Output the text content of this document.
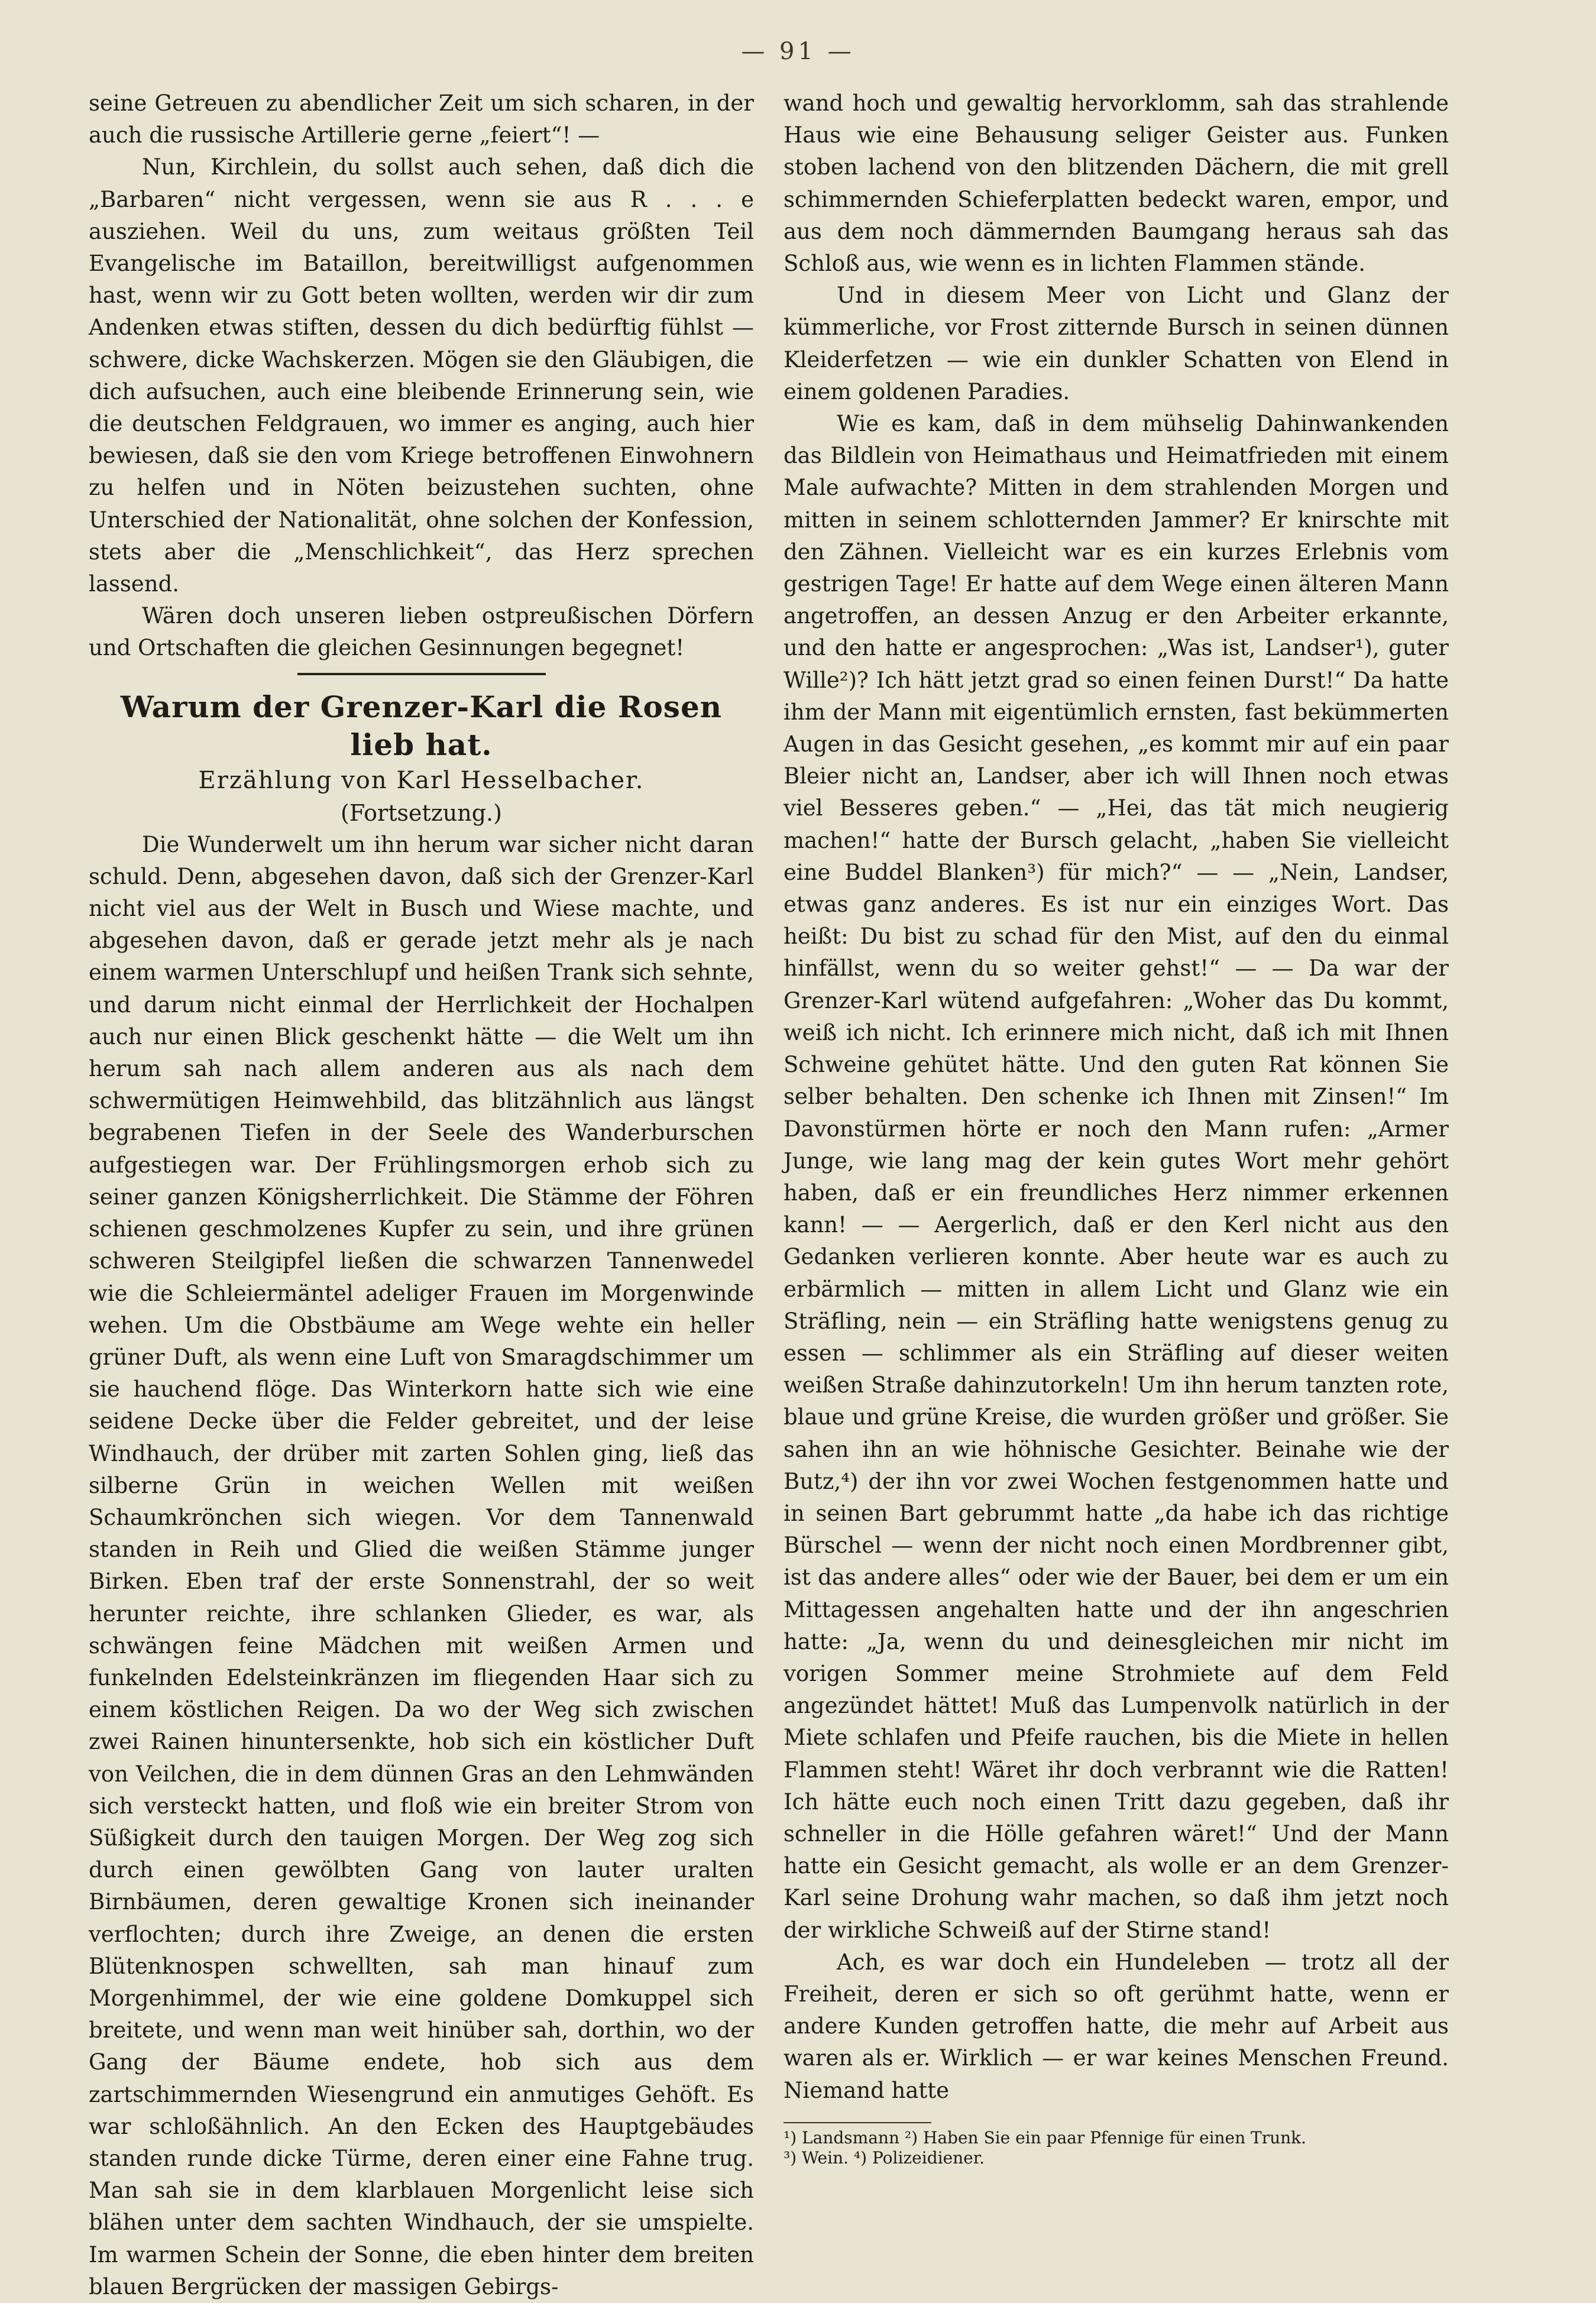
— 91 —

seine Getreuen zu abendlicher Zeit um sich scharen, in der auch die russische Artillerie gerne „feiert“! —

Nun, Kirchlein, du sollst auch sehen, daß dich die „Barbaren“ nicht vergessen, wenn sie aus R . . . e ausziehen. Weil du uns, zum weitaus größten Teil Evangelische im Bataillon, bereitwilligst aufgenommen hast, wenn wir zu Gott beten wollten, werden wir dir zum Andenken etwas stiften, dessen du dich bedürftig fühlst — schwere, dicke Wachskerzen. Mögen sie den Gläubigen, die dich aufsuchen, auch eine bleibende Erinnerung sein, wie die deutschen Feldgrauen, wo immer es anging, auch hier bewiesen, daß sie den vom Kriege betroffenen Einwohnern zu helfen und in Nöten beizustehen suchten, ohne Unterschied der Nationalität, ohne solchen der Konfession, stets aber die „Menschlichkeit“, das Herz sprechen lassend.

Wären doch unseren lieben ostpreußischen Dörfern und Ortschaften die gleichen Gesinnungen begegnet!

Warum der Grenzer-Karl die Rosen lieb hat.

Erzählung von Karl Hesselbacher.

(Fortsetzung.)

Die Wunderwelt um ihn herum war sicher nicht daran schuld. Denn, abgesehen davon, daß sich der Grenzer-Karl nicht viel aus der Welt in Busch und Wiese machte, und abgesehen davon, daß er gerade jetzt mehr als je nach einem warmen Unterschlupf und heißen Trank sich sehnte, und darum nicht einmal der Herrlichkeit der Hochalpen auch nur einen Blick geschenkt hätte — die Welt um ihn herum sah nach allem anderen aus als nach dem schwermütigen Heimwehbild, das blitzähnlich aus längst begrabenen Tiefen in der Seele des Wanderburschen aufgestiegen war. Der Frühlingsmorgen erhob sich zu seiner ganzen Königsherrlichkeit. Die Stämme der Föhren schienen geschmolzenes Kupfer zu sein, und ihre grünen schweren Steilgipfel ließen die schwarzen Tannenwedel wie die Schleiermäntel adeliger Frauen im Morgenwinde wehen. Um die Obstbäume am Wege wehte ein heller grüner Duft, als wenn eine Luft von Smaragdschimmer um sie hauchend flöge. Das Winterkorn hatte sich wie eine seidene Decke über die Felder gebreitet, und der leise Windhauch, der drüber mit zarten Sohlen ging, ließ das silberne Grün in weichen Wellen mit weißen Schaumkrönchen sich wiegen. Vor dem Tannenwald standen in Reih und Glied die weißen Stämme junger Birken. Eben traf der erste Sonnenstrahl, der so weit herunter reichte, ihre schlanken Glieder, es war, als schwängen feine Mädchen mit weißen Armen und funkelnden Edelsteinkränzen im fliegenden Haar sich zu einem köstlichen Reigen. Da wo der Weg sich zwischen zwei Rainen hinuntersenkte, hob sich ein köstlicher Duft von Veilchen, die in dem dünnen Gras an den Lehmwänden sich versteckt hatten, und floß wie ein breiter Strom von Süßigkeit durch den tauigen Morgen. Der Weg zog sich durch einen gewölbten Gang von lauter uralten Birnbäumen, deren gewaltige Kronen sich ineinander verflochten; durch ihre Zweige, an denen die ersten Blütenknospen schwellten, sah man hinauf zum Morgenhimmel, der wie eine goldene Domkuppel sich breitete, und wenn man weit hinüber sah, dorthin, wo der Gang der Bäume endete, hob sich aus dem zartschimmernden Wiesengrund ein anmutiges Gehöft. Es war schloßähnlich. An den Ecken des Hauptgebäudes standen runde dicke Türme, deren einer eine Fahne trug. Man sah sie in dem klarblauen Morgenlicht leise sich blähen unter dem sachten Windhauch, der sie umspielte. Im warmen Schein der Sonne, die eben hinter dem breiten blauen Bergrücken der massigen Gebirgs-

wand hoch und gewaltig hervorklomm, sah das strahlende Haus wie eine Behausung seliger Geister aus. Funken stoben lachend von den blitzenden Dächern, die mit grell schimmernden Schieferplatten bedeckt waren, empor, und aus dem noch dämmernden Baumgang heraus sah das Schloß aus, wie wenn es in lichten Flammen stände.

Und in diesem Meer von Licht und Glanz der kümmerliche, vor Frost zitternde Bursch in seinen dünnen Kleiderfetzen — wie ein dunkler Schatten von Elend in einem goldenen Paradies.

Wie es kam, daß in dem mühselig Dahinwankenden das Bildlein von Heimathaus und Heimatfrieden mit einem Male aufwachte? Mitten in dem strahlenden Morgen und mitten in seinem schlotternden Jammer? Er knirschte mit den Zähnen. Vielleicht war es ein kurzes Erlebnis vom gestrigen Tage! Er hatte auf dem Wege einen älteren Mann angetroffen, an dessen Anzug er den Arbeiter erkannte, und den hatte er angesprochen: „Was ist, Landser¹), guter Wille²)? Ich hätt jetzt grad so einen feinen Durst!“ Da hatte ihm der Mann mit eigentümlich ernsten, fast bekümmerten Augen in das Gesicht gesehen, „es kommt mir auf ein paar Bleier nicht an, Landser, aber ich will Ihnen noch etwas viel Besseres geben.“ — „Hei, das tät mich neugierig machen!“ hatte der Bursch gelacht, „haben Sie vielleicht eine Buddel Blanken³) für mich?“ — — „Nein, Landser, etwas ganz anderes. Es ist nur ein einziges Wort. Das heißt: Du bist zu schad für den Mist, auf den du einmal hinfällst, wenn du so weiter gehst!“ — — Da war der Grenzer-Karl wütend aufgefahren: „Woher das Du kommt, weiß ich nicht. Ich erinnere mich nicht, daß ich mit Ihnen Schweine gehütet hätte. Und den guten Rat können Sie selber behalten. Den schenke ich Ihnen mit Zinsen!“ Im Davonstürmen hörte er noch den Mann rufen: „Armer Junge, wie lang mag der kein gutes Wort mehr gehört haben, daß er ein freundliches Herz nimmer erkennen kann! — — Aergerlich, daß er den Kerl nicht aus den Gedanken verlieren konnte. Aber heute war es auch zu erbärmlich — mitten in allem Licht und Glanz wie ein Sträfling, nein — ein Sträfling hatte wenigstens genug zu essen — schlimmer als ein Sträfling auf dieser weiten weißen Straße dahinzutorkeln! Um ihn herum tanzten rote, blaue und grüne Kreise, die wurden größer und größer. Sie sahen ihn an wie höhnische Gesichter. Beinahe wie der Butz,⁴) der ihn vor zwei Wochen festgenommen hatte und in seinen Bart gebrummt hatte „da habe ich das richtige Bürschel — wenn der nicht noch einen Mordbrenner gibt, ist das andere alles“ oder wie der Bauer, bei dem er um ein Mittagessen angehalten hatte und der ihn angeschrien hatte: „Ja, wenn du und deinesgleichen mir nicht im vorigen Sommer meine Strohmiete auf dem Feld angezündet hättet! Muß das Lumpenvolk natürlich in der Miete schlafen und Pfeife rauchen, bis die Miete in hellen Flammen steht! Wäret ihr doch verbrannt wie die Ratten! Ich hätte euch noch einen Tritt dazu gegeben, daß ihr schneller in die Hölle gefahren wäret!“ Und der Mann hatte ein Gesicht gemacht, als wolle er an dem Grenzer-Karl seine Drohung wahr machen, so daß ihm jetzt noch der wirkliche Schweiß auf der Stirne stand!

Ach, es war doch ein Hundeleben — trotz all der Freiheit, deren er sich so oft gerühmt hatte, wenn er andere Kunden getroffen hatte, die mehr auf Arbeit aus waren als er. Wirklich — er war keines Menschen Freund. Niemand hatte

¹) Landsmann ²) Haben Sie ein paar Pfennige für einen Trunk.
³) Wein. ⁴) Polizeidiener.
